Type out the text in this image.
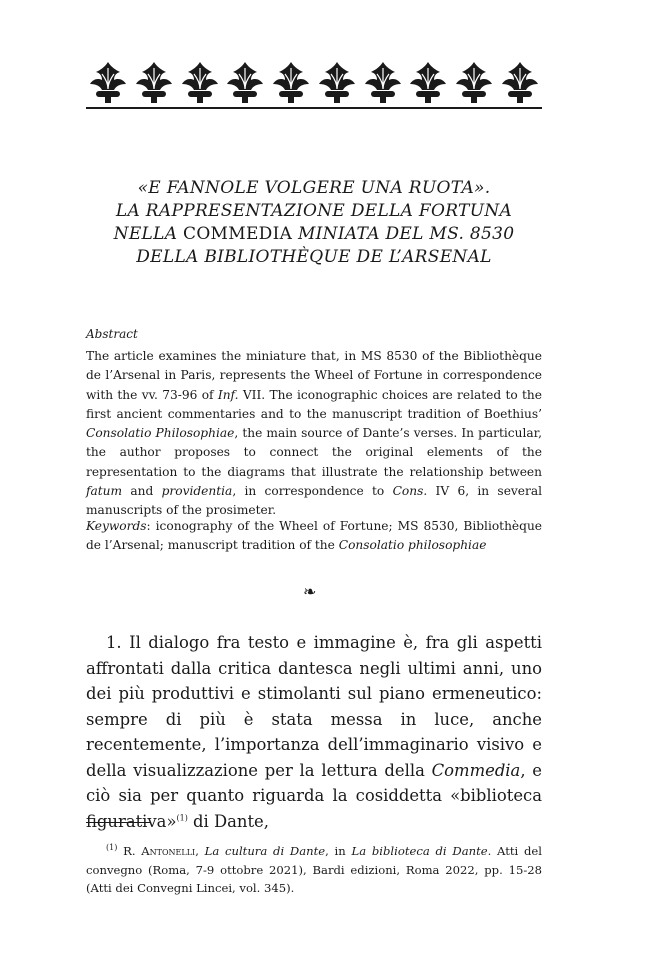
«E FANNOLE VOLGERE UNA RUOTA».
LA RAPPRESENTAZIONE DELLA FORTUNA
NELLA COMMEDIA MINIATA DEL MS. 8530
DELLA BIBLIOTHÈQUE DE L’ARSENAL
Abstract

The article examines the miniature that, in MS 8530 of the Bibliothèque de l’Arsenal in Paris, represents the Wheel of Fortune in correspondence with the vv. 73-96 of Inf. VII. The iconographic choices are related to the first ancient commentaries and to the manuscript tradition of Boethius’ Consolatio Philosophiae, the main source of Dante’s verses. In particular, the author proposes to connect the original elements of the representation to the diagrams that illustrate the relationship between fatum and providentia, in correspondence to Cons. IV 6, in several manuscripts of the prosimeter.

Keywords: iconography of the Wheel of Fortune; MS 8530, Bibliothèque de l’Arsenal; manuscript tradition of the Consolatio philosophiae

❧

1. Il dialogo fra testo e immagine è, fra gli aspetti affrontati dalla critica dantesca negli ultimi anni, uno dei più produttivi e stimolanti sul piano ermeneutico: sempre di più è stata messa in luce, anche recentemente, l’importanza dell’immaginario visivo e della visualizzazione per la lettura della Commedia, e ciò sia per quanto riguarda la cosiddetta «biblioteca figurativa»$^{(1)}$ di Dante,

$^{(1)}$ R. Antonelli, La cultura di Dante, in La biblioteca di Dante. Atti del convegno (Roma, 7-9 ottobre 2021), Bardi edizioni, Roma 2022, pp. 15-28 (Atti dei Convegni Lincei, vol. 345).
